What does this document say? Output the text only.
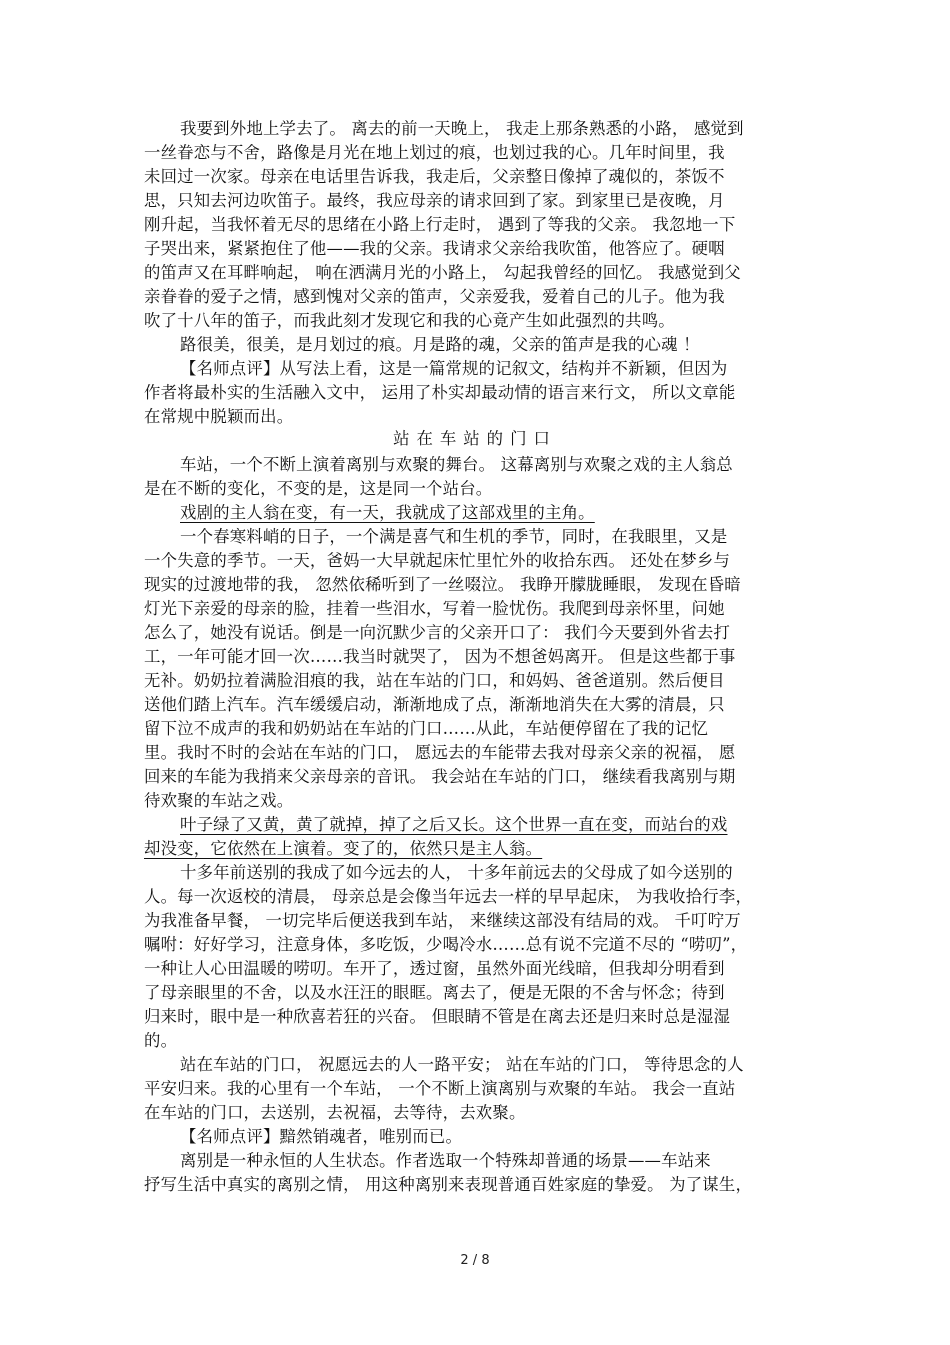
我要到外地上学去了。 离去的前一天晚上， 我走上那条熟悉的小路， 感觉到
一丝眷恋与不舍，路像是月光在地上划过的痕，也划过我的心。几年时间里，我
未回过一次家。母亲在电话里告诉我，我走后，父亲整日像掉了魂似的，茶饭不
思，只知去河边吹笛子。最终，我应母亲的请求回到了家。到家里已是夜晚，月
刚升起，当我怀着无尽的思绪在小路上行走时， 遇到了等我的父亲。 我忽地一下
子哭出来，紧紧抱住了他——我的父亲。我请求父亲给我吹笛，他答应了。硬咽
的笛声又在耳畔响起， 响在洒满月光的小路上， 勾起我曾经的回忆。 我感觉到父
亲眷眷的爱子之情，感到愧对父亲的笛声，父亲爱我，爱着自己的儿子。他为我
吹了十八年的笛子，而我此刻才发现它和我的心竟产生如此强烈的共鸣。
路很美，很美，是月划过的痕。月是路的魂，父亲的笛声是我的心魂 ！
【名师点评】从写法上看，这是一篇常规的记叙文，结构并不新颖，但因为
作者将最朴实的生活融入文中， 运用了朴实却最动情的语言来行文， 所以文章能
在常规中脱颖而出。
站在车站的门口
车站，一个不断上演着离别与欢聚的舞台。 这幕离别与欢聚之戏的主人翁总
是在不断的变化，不变的是，这是同一个站台。
戏剧的主人翁在变，有一天，我就成了这部戏里的主角。
一个春寒料峭的日子，一个满是喜气和生机的季节，同时，在我眼里，又是
一个失意的季节。一天，爸妈一大早就起床忙里忙外的收拾东西。 还处在梦乡与
现实的过渡地带的我， 忽然依稀听到了一丝啜泣。 我睁开朦胧睡眼， 发现在昏暗
灯光下亲爱的母亲的脸，挂着一些泪水，写着一脸忧伤。我爬到母亲怀里，问她
怎么了，她没有说话。倒是一向沉默少言的父亲开口了： 我们今天要到外省去打
工，一年可能才回一次……我当时就哭了， 因为不想爸妈离开。 但是这些都于事
无补。奶奶拉着满脸泪痕的我，站在车站的门口，和妈妈、爸爸道别。然后便目
送他们踏上汽车。汽车缓缓启动，渐渐地成了点，渐渐地消失在大雾的清晨，只
留下泣不成声的我和奶奶站在车站的门口……从此，车站便停留在了我的记忆
里。我时不时的会站在车站的门口， 愿远去的车能带去我对母亲父亲的祝福， 愿
回来的车能为我捎来父亲母亲的音讯。 我会站在车站的门口， 继续看我离别与期
待欢聚的车站之戏。
叶子绿了又黄，黄了就掉，掉了之后又长。这个世界一直在变，而站台的戏
却没变，它依然在上演着。变了的，依然只是主人翁。
十多年前送别的我成了如今远去的人， 十多年前远去的父母成了如今送别的
人。每一次返校的清晨， 母亲总是会像当年远去一样的早早起床， 为我收拾行李，
为我准备早餐， 一切完毕后便送我到车站， 来继续这部没有结局的戏。 千叮咛万
嘱咐：好好学习，注意身体，多吃饭，少喝冷水……总有说不完道不尽的 “唠叨”，
一种让人心田温暖的唠叨。车开了，透过窗，虽然外面光线暗，但我却分明看到
了母亲眼里的不舍，以及水汪汪的眼眶。离去了，便是无限的不舍与怀念；待到
归来时，眼中是一种欣喜若狂的兴奋。 但眼睛不管是在离去还是归来时总是湿湿
的。
站在车站的门口， 祝愿远去的人一路平安； 站在车站的门口， 等待思念的人
平安归来。我的心里有一个车站， 一个不断上演离别与欢聚的车站。 我会一直站
在车站的门口，去送别，去祝福，去等待，去欢聚。
【名师点评】黯然销魂者，唯别而已。
离别是一种永恒的人生状态。作者选取一个特殊却普通的场景——车站来
抒写生活中真实的离别之情， 用这种离别来表现普通百姓家庭的挚爱。 为了谋生，
2 / 8
